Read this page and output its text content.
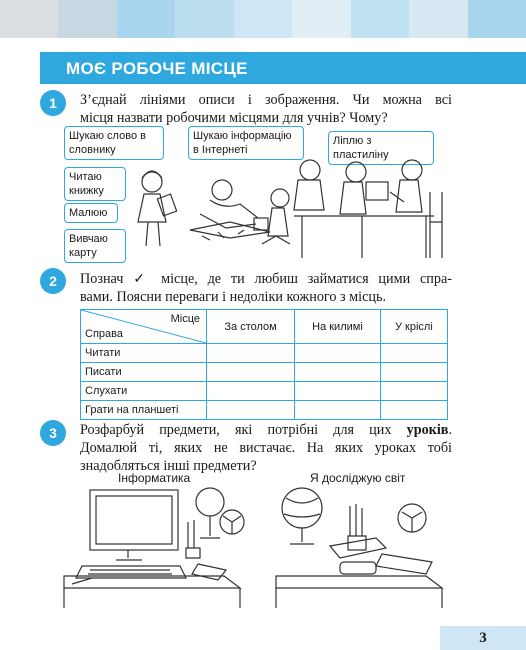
МОЄ РОБОЧЕ МІСЦЕ
1	З’єднай лініями описи і зображення. Чи можна всі
місця назвати робочими місцями для учнів? Чому?
Шукаю слово в словнику
Шукаю інформацію в Інтернеті
Ліплю з пластиліну
Читаю книжку
Малюю
Вивчаю карту
2	Познач ✓ місце, де ти любиш займатися цими спра-
вами. Поясни переваги і недоліки кожного з місць.
Місце
Справа	За столом	На килимі	У кріслі
Читати			
Писати			
Слухати			
Грати на планшеті			
3	Розфарбуй предмети, які потрібні для цих уроків.
Домалюй ті, яких не вистачає. На яких уроках тобі
знадобляться інші предмети?
Інформатика	Я досліджую світ
3
